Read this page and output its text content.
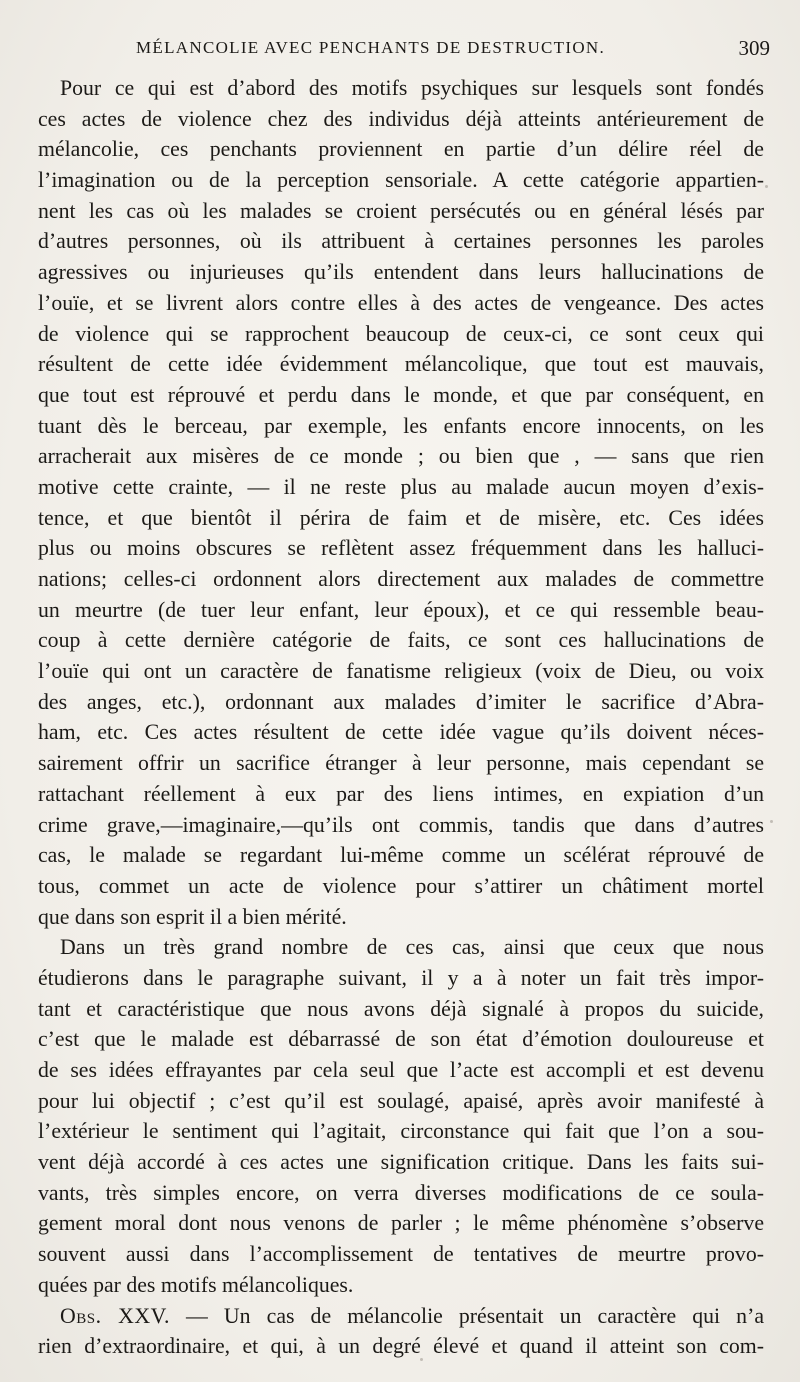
MÉLANCOLIE AVEC PENCHANTS DE DESTRUCTION.	309

Pour ce qui est d’abord des motifs psychiques sur lesquels sont fondés
ces actes de violence chez des individus déjà atteints antérieurement de
mélancolie, ces penchants proviennent en partie d’un délire réel de
l’imagination ou de la perception sensoriale. A cette catégorie appartien-
nent les cas où les malades se croient persécutés ou en général lésés par
d’autres personnes, où ils attribuent à certaines personnes les paroles
agressives ou injurieuses qu’ils entendent dans leurs hallucinations de
l’ouïe, et se livrent alors contre elles à des actes de vengeance. Des actes
de violence qui se rapprochent beaucoup de ceux-ci, ce sont ceux qui
résultent de cette idée évidemment mélancolique, que tout est mauvais,
que tout est réprouvé et perdu dans le monde, et que par conséquent, en
tuant dès le berceau, par exemple, les enfants encore innocents, on les
arracherait aux misères de ce monde ; ou bien que , — sans que rien
motive cette crainte, — il ne reste plus au malade aucun moyen d’exis-
tence, et que bientôt il périra de faim et de misère, etc. Ces idées
plus ou moins obscures se reflètent assez fréquemment dans les halluci-
nations; celles-ci ordonnent alors directement aux malades de commettre
un meurtre (de tuer leur enfant, leur époux), et ce qui ressemble beau-
coup à cette dernière catégorie de faits, ce sont ces hallucinations de
l’ouïe qui ont un caractère de fanatisme religieux (voix de Dieu, ou voix
des anges, etc.), ordonnant aux malades d’imiter le sacrifice d’Abra-
ham, etc. Ces actes résultent de cette idée vague qu’ils doivent néces-
sairement offrir un sacrifice étranger à leur personne, mais cependant se
rattachant réellement à eux par des liens intimes, en expiation d’un
crime grave,—imaginaire,—qu’ils ont commis, tandis que dans d’autres
cas, le malade se regardant lui-même comme un scélérat réprouvé de
tous, commet un acte de violence pour s’attirer un châtiment mortel
que dans son esprit il a bien mérité.

Dans un très grand nombre de ces cas, ainsi que ceux que nous
étudierons dans le paragraphe suivant, il y a à noter un fait très impor-
tant et caractéristique que nous avons déjà signalé à propos du suicide,
c’est que le malade est débarrassé de son état d’émotion douloureuse et
de ses idées effrayantes par cela seul que l’acte est accompli et est devenu
pour lui objectif ; c’est qu’il est soulagé, apaisé, après avoir manifesté à
l’extérieur le sentiment qui l’agitait, circonstance qui fait que l’on a sou-
vent déjà accordé à ces actes une signification critique. Dans les faits sui-
vants, très simples encore, on verra diverses modifications de ce soula-
gement moral dont nous venons de parler ; le même phénomène s’observe
souvent aussi dans l’accomplissement de tentatives de meurtre provo-
quées par des motifs mélancoliques.

Obs. XXV. — Un cas de mélancolie présentait un caractère qui n’a
rien d’extraordinaire, et qui, à un degré élevé et quand il atteint son com-
